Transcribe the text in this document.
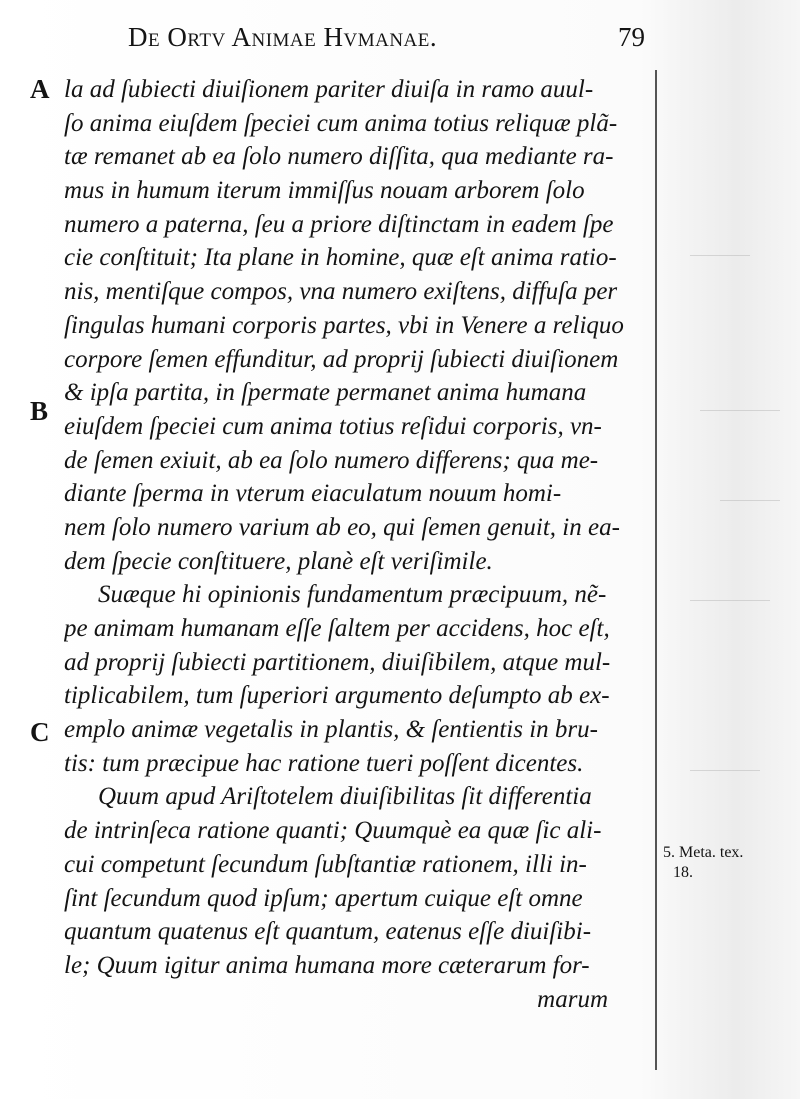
De Ortv Animae Hvmanae.	79
A
B
C
la ad ſubiecti diuiſionem pariter diuiſa in ramo auul-
ſo anima eiuſdem ſpeciei cum anima totius reliquæ plã-
tæ remanet ab ea ſolo numero diſſita, qua mediante ra-
mus in humum iterum immiſſus nouam arborem ſolo
numero a paterna, ſeu a priore diſtinctam in eadem ſpe
cie conſtituit; Ita plane in homine, quæ eſt anima ratio-
nis, mentiſque compos, vna numero exiſtens, diffuſa per
ſingulas humani corporis partes, vbi in Venere a reliquo
corpore ſemen effunditur, ad proprij ſubiecti diuiſionem
& ipſa partita, in ſpermate permanet anima humana
eiuſdem ſpeciei cum anima totius reſidui corporis, vn-
de ſemen exiuit, ab ea ſolo numero differens; qua me-
diante ſperma in vterum eiaculatum nouum homi-
nem ſolo numero varium ab eo, qui ſemen genuit, in ea-
dem ſpecie conſtituere, planè eſt veriſimile.
Suæque hi opinionis fundamentum præcipuum, nẽ-
pe animam humanam eſſe ſaltem per accidens, hoc eſt,
ad proprij ſubiecti partitionem, diuiſibilem, atque mul-
tiplicabilem, tum ſuperiori argumento deſumpto ab ex-
emplo animæ vegetalis in plantis, & ſentientis in bru-
tis: tum præcipue hac ratione tueri poſſent dicentes.
Quum apud Ariſtotelem diuiſibilitas ſit differentia
de intrinſeca ratione quanti; Quumquè ea quæ ſic ali-
cui competunt ſecundum ſubſtantiæ rationem, illi in-
ſint ſecundum quod ipſum; apertum cuique eſt omne
quantum quatenus eſt quantum, eatenus eſſe diuiſibi-
le; Quum igitur anima humana more cæterarum for-
marum
5. Meta. tex.
18.
